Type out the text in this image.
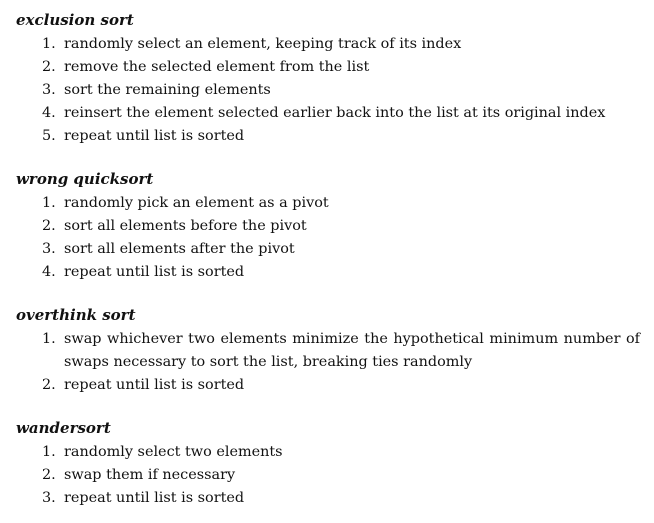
exclusion sort

1. randomly select an element, keeping track of its index
2. remove the selected element from the list
3. sort the remaining elements
4. reinsert the element selected earlier back into the list at its original index
5. repeat until list is sorted

wrong quicksort

1. randomly pick an element as a pivot
2. sort all elements before the pivot
3. sort all elements after the pivot
4. repeat until list is sorted

overthink sort

1. swap whichever two elements minimize the hypothetical minimum number of swaps necessary to sort the list, breaking ties randomly
2. repeat until list is sorted

wandersort

1. randomly select two elements
2. swap them if necessary
3. repeat until list is sorted
